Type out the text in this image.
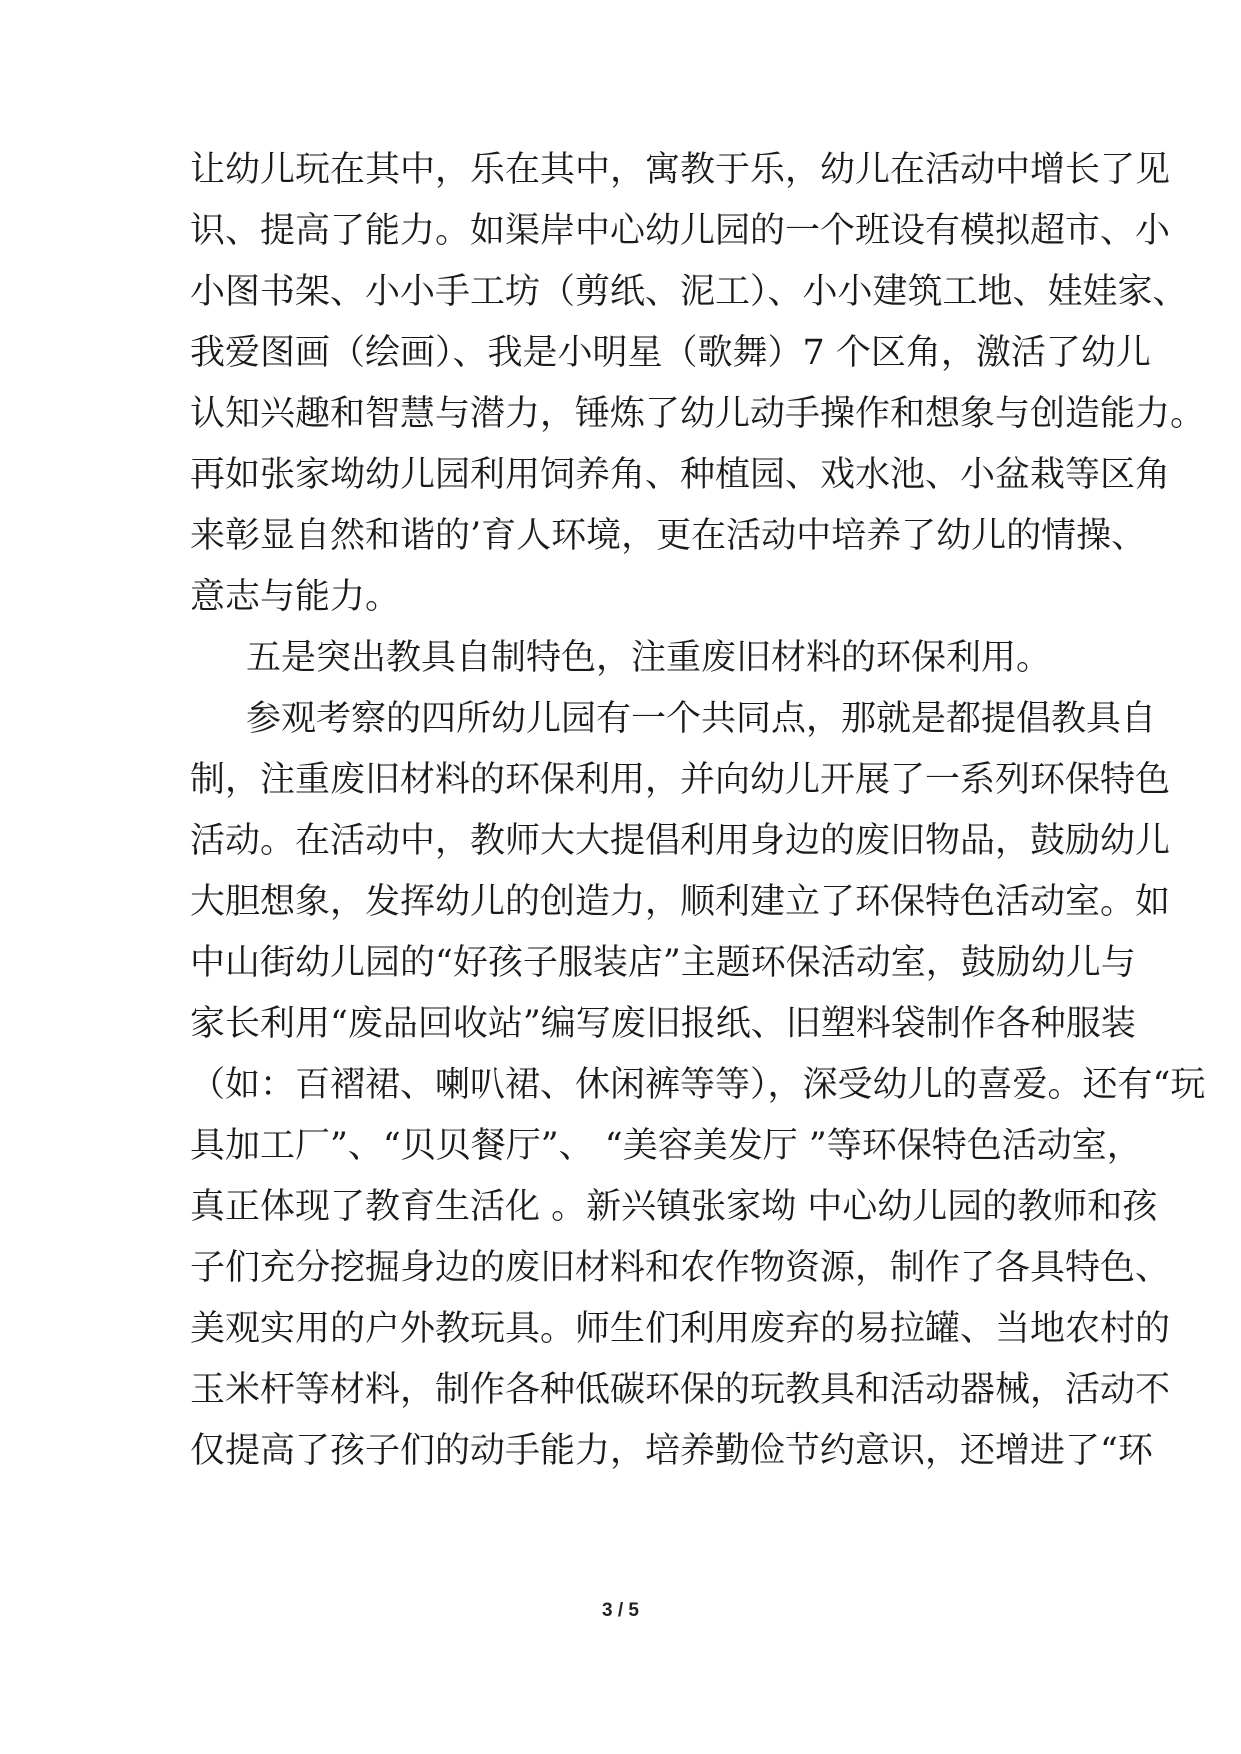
让幼儿玩在其中，乐在其中，寓教于乐，幼儿在活动中增长了见
识、提高了能力。如渠岸中心幼儿园的一个班设有模拟超市、小
小图书架、小小手工坊（剪纸、泥工）、小小建筑工地、娃娃家、
我爱图画（绘画）、我是小明星（歌舞）7 个区角，激活了幼儿
认知兴趣和智慧与潜力，锤炼了幼儿动手操作和想象与创造能力。
再如张家坳幼儿园利用饲养角、种植园、戏水池、小盆栽等区角
来彰显自然和谐的’育人环境，更在活动中培养了幼儿的情操、
意志与能力。
五是突出教具自制特色，注重废旧材料的环保利用。
参观考察的四所幼儿园有一个共同点，那就是都提倡教具自
制，注重废旧材料的环保利用，并向幼儿开展了一系列环保特色
活动。在活动中，教师大大提倡利用身边的废旧物品，鼓励幼儿
大胆想象，发挥幼儿的创造力，顺利建立了环保特色活动室。如
中山街幼儿园的“好孩子服装店”主题环保活动室，鼓励幼儿与
家长利用“废品回收站”编写废旧报纸、旧塑料袋制作各种服装
（如：百褶裙、喇叭裙、休闲裤等等），深受幼儿的喜爱。还有“玩
具加工厂”、“贝贝餐厅”、 “美容美发厅 ”等环保特色活动室，
真正体现了教育生活化 。新兴镇张家坳 中心幼儿园的教师和孩
子们充分挖掘身边的废旧材料和农作物资源，制作了各具特色、
美观实用的户外教玩具。师生们利用废弃的易拉罐、当地农村的
玉米杆等材料，制作各种低碳环保的玩教具和活动器械，活动不
仅提高了孩子们的动手能力，培养勤俭节约意识，还增进了“环
3 / 5
